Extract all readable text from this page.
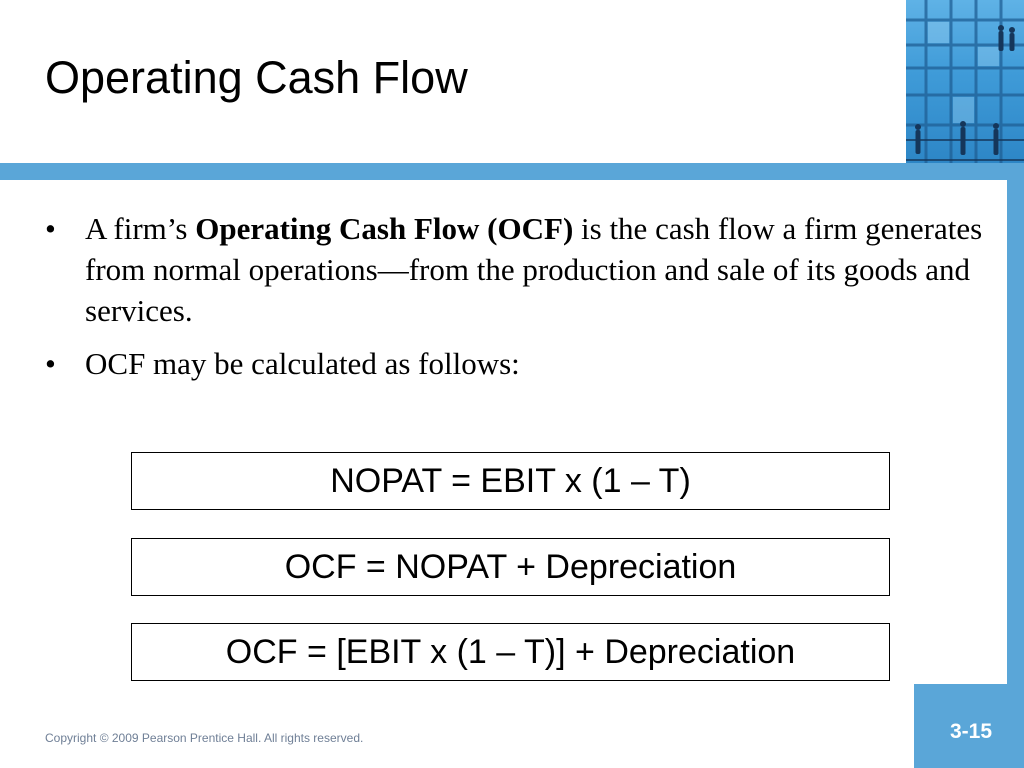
Operating Cash Flow
• A firm’s Operating Cash Flow (OCF) is the cash flow a firm generates from normal operations—from the production and sale of its goods and services.
• OCF may be calculated as follows:
NOPAT = EBIT x (1 – T)
OCF = NOPAT + Depreciation
OCF = [EBIT x (1 – T)] + Depreciation
Copyright © 2009 Pearson Prentice Hall. All rights reserved.	3-15
